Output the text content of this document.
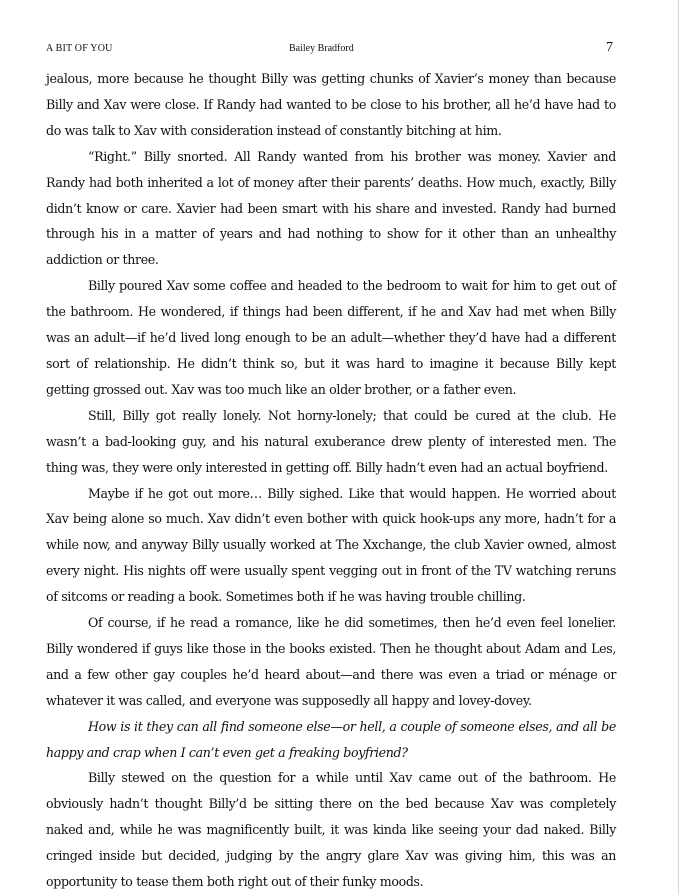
A BIT OF YOU	Bailey Bradford	7

jealous, more because he thought Billy was getting chunks of Xavier’s money than because Billy and Xav were close. If Randy had wanted to be close to his brother, all he’d have had to do was talk to Xav with consideration instead of constantly bitching at him.

“Right.” Billy snorted. All Randy wanted from his brother was money. Xavier and Randy had both inherited a lot of money after their parents’ deaths. How much, exactly, Billy didn’t know or care. Xavier had been smart with his share and invested. Randy had burned through his in a matter of years and had nothing to show for it other than an unhealthy addiction or three.

Billy poured Xav some coffee and headed to the bedroom to wait for him to get out of the bathroom. He wondered, if things had been different, if he and Xav had met when Billy was an adult—if he’d lived long enough to be an adult—whether they’d have had a different sort of relationship. He didn’t think so, but it was hard to imagine it because Billy kept getting grossed out. Xav was too much like an older brother, or a father even.

Still, Billy got really lonely. Not horny-lonely; that could be cured at the club. He wasn’t a bad-looking guy, and his natural exuberance drew plenty of interested men. The thing was, they were only interested in getting off. Billy hadn’t even had an actual boyfriend.

Maybe if he got out more… Billy sighed. Like that would happen. He worried about Xav being alone so much. Xav didn’t even bother with quick hook-ups any more, hadn’t for a while now, and anyway Billy usually worked at The Xxchange, the club Xavier owned, almost every night. His nights off were usually spent vegging out in front of the TV watching reruns of sitcoms or reading a book. Sometimes both if he was having trouble chilling.

Of course, if he read a romance, like he did sometimes, then he’d even feel lonelier. Billy wondered if guys like those in the books existed. Then he thought about Adam and Les, and a few other gay couples he’d heard about—and there was even a triad or ménage or whatever it was called, and everyone was supposedly all happy and lovey-dovey.

How is it they can all find someone else—or hell, a couple of someone elses, and all be happy and crap when I can’t even get a freaking boyfriend?

Billy stewed on the question for a while until Xav came out of the bathroom. He obviously hadn’t thought Billy’d be sitting there on the bed because Xav was completely naked and, while he was magnificently built, it was kinda like seeing your dad naked. Billy cringed inside but decided, judging by the angry glare Xav was giving him, this was an opportunity to tease them both right out of their funky moods.
